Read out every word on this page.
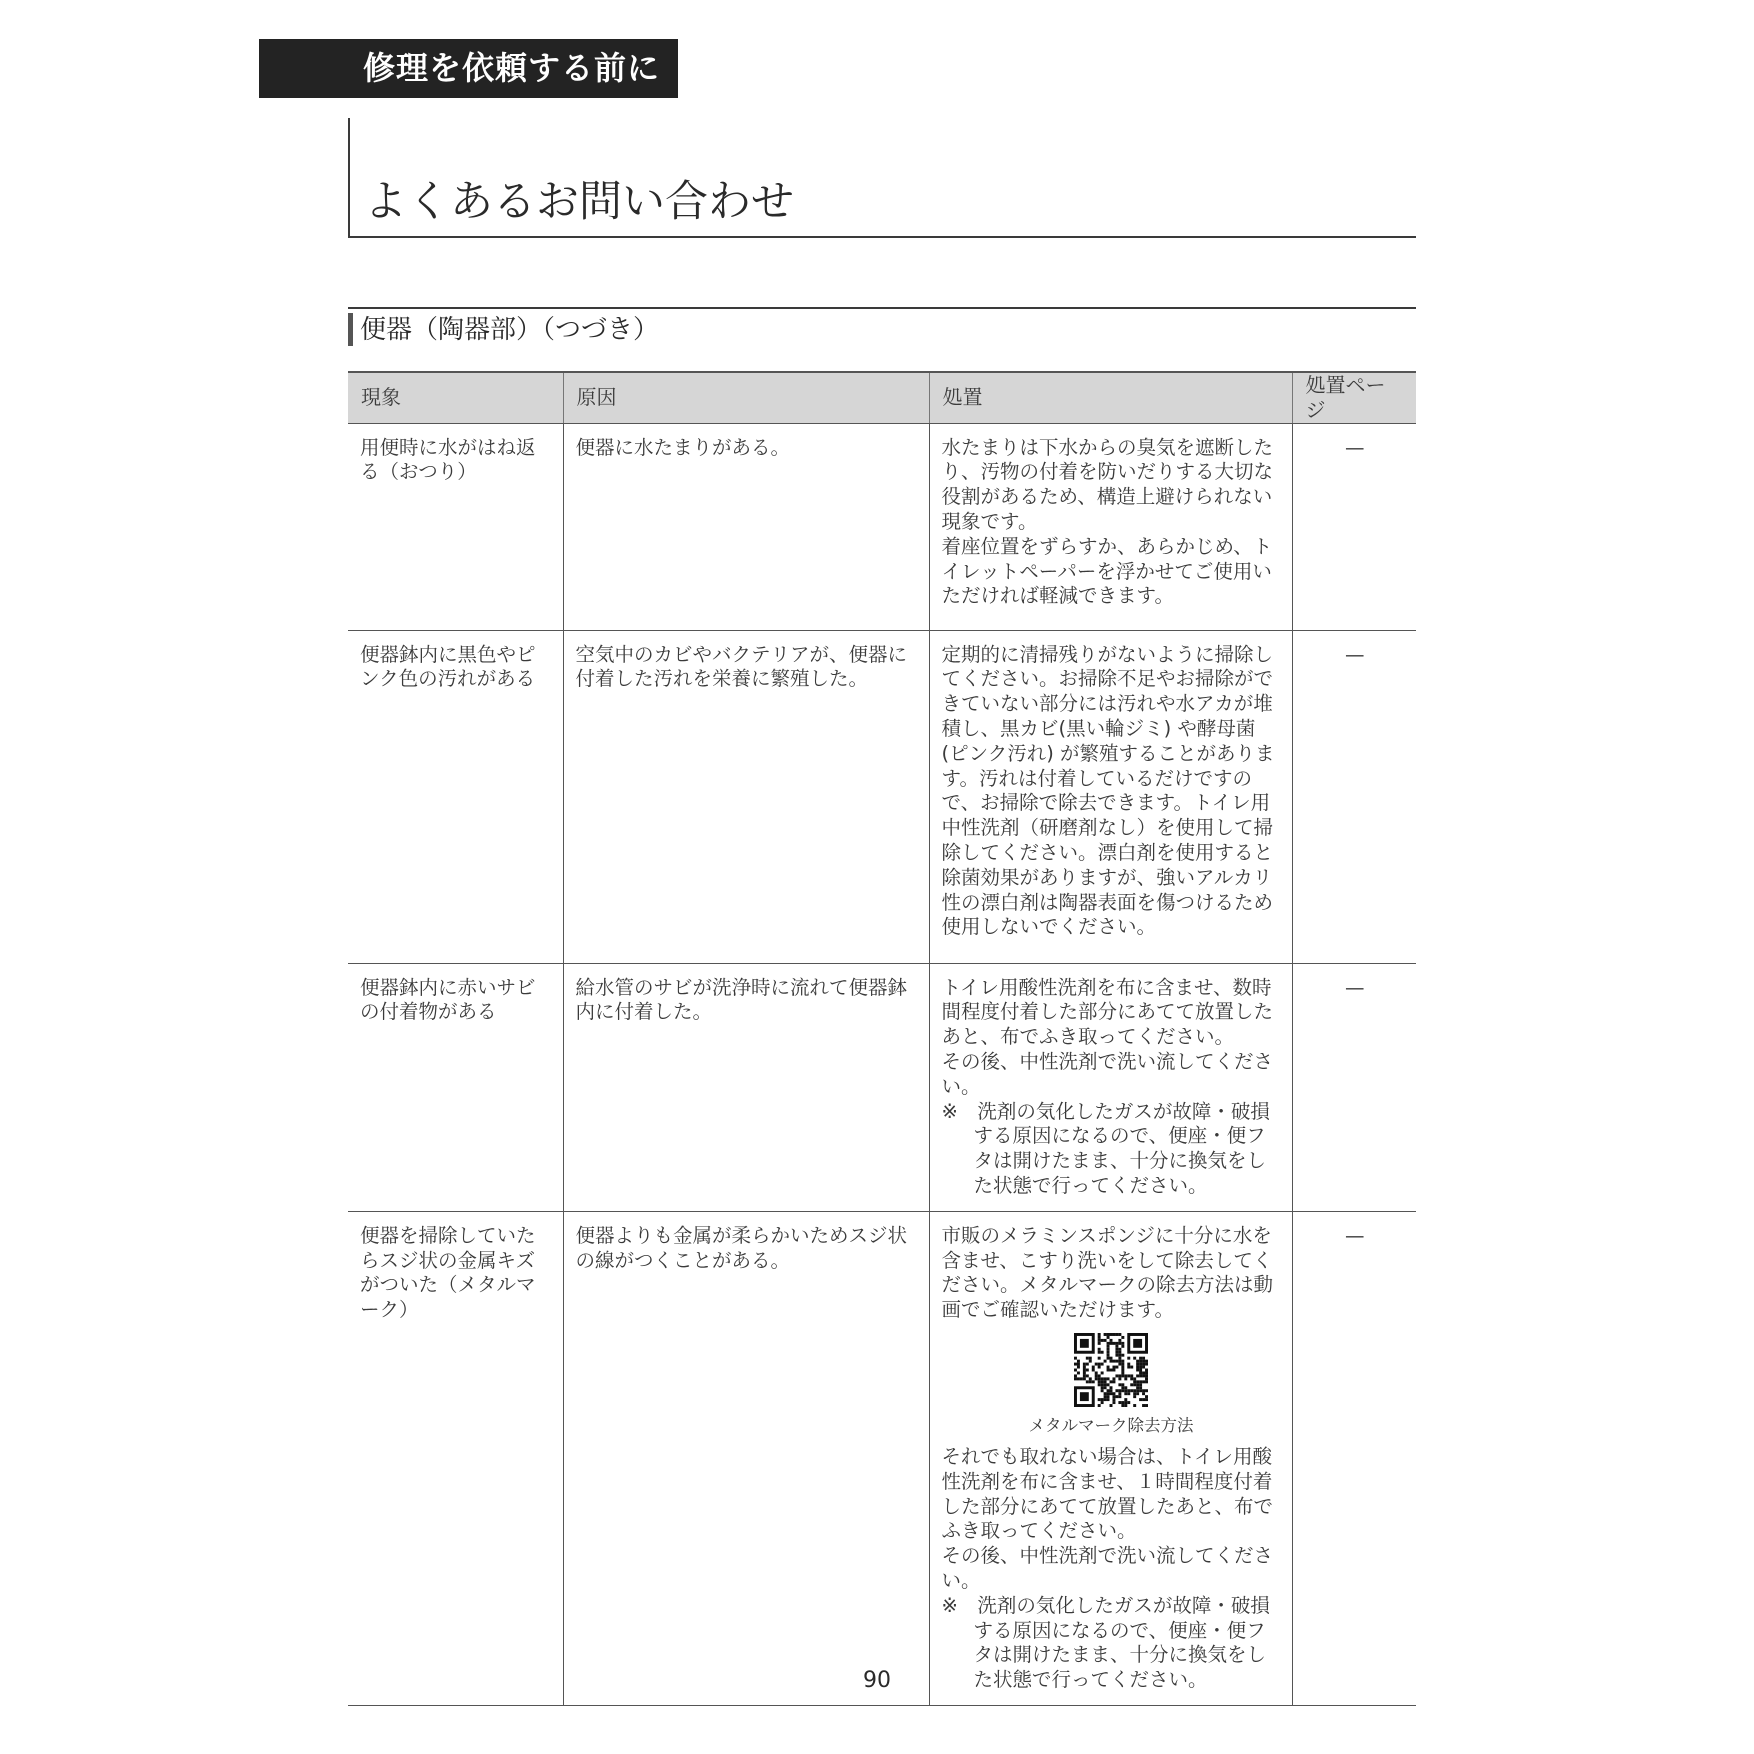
修理を依頼する前に
よくあるお問い合わせ
便器（陶器部）（つづき）
現象	原因	処置	処置ページ
用便時に水がはね返る（おつり）	便器に水たまりがある。	水たまりは下水からの臭気を遮断したり、汚物の付着を防いだりする大切な役割があるため、構造上避けられない現象です。
着座位置をずらすか、あらかじめ、トイレットペーパーを浮かせてご使用いただければ軽減できます。	—
便器鉢内に黒色やピンク色の汚れがある	空気中のカビやバクテリアが、便器に付着した汚れを栄養に繁殖した。	定期的に清掃残りがないように掃除してください。お掃除不足やお掃除ができていない部分には汚れや水アカが堆積し、黒カビ(黒い輪ジミ) や酵母菌(ピンク汚れ) が繁殖することがあります。汚れは付着しているだけですので、お掃除で除去できます。トイレ用中性洗剤（研磨剤なし）を使用して掃除してください。漂白剤を使用すると除菌効果がありますが、強いアルカリ性の漂白剤は陶器表面を傷つけるため使用しないでください。	—
便器鉢内に赤いサビの付着物がある	給水管のサビが洗浄時に流れて便器鉢内に付着した。	トイレ用酸性洗剤を布に含ませ、数時間程度付着した部分にあてて放置したあと、布でふき取ってください。
その後、中性洗剤で洗い流してください。
※　洗剤の気化したガスが故障・破損する原因になるので、便座・便フタは開けたまま、十分に換気をした状態で行ってください。	—
便器を掃除していたらスジ状の金属キズがついた（メタルマーク）	便器よりも金属が柔らかいためスジ状の線がつくことがある。	市販のメラミンスポンジに十分に水を含ませ、こすり洗いをして除去してください。メタルマークの除去方法は動画でご確認いただけます。
メタルマーク除去方法
それでも取れない場合は、トイレ用酸性洗剤を布に含ませ、１時間程度付着した部分にあてて放置したあと、布でふき取ってください。
その後、中性洗剤で洗い流してください。
※　洗剤の気化したガスが故障・破損する原因になるので、便座・便フタは開けたまま、十分に換気をした状態で行ってください。	—
90
